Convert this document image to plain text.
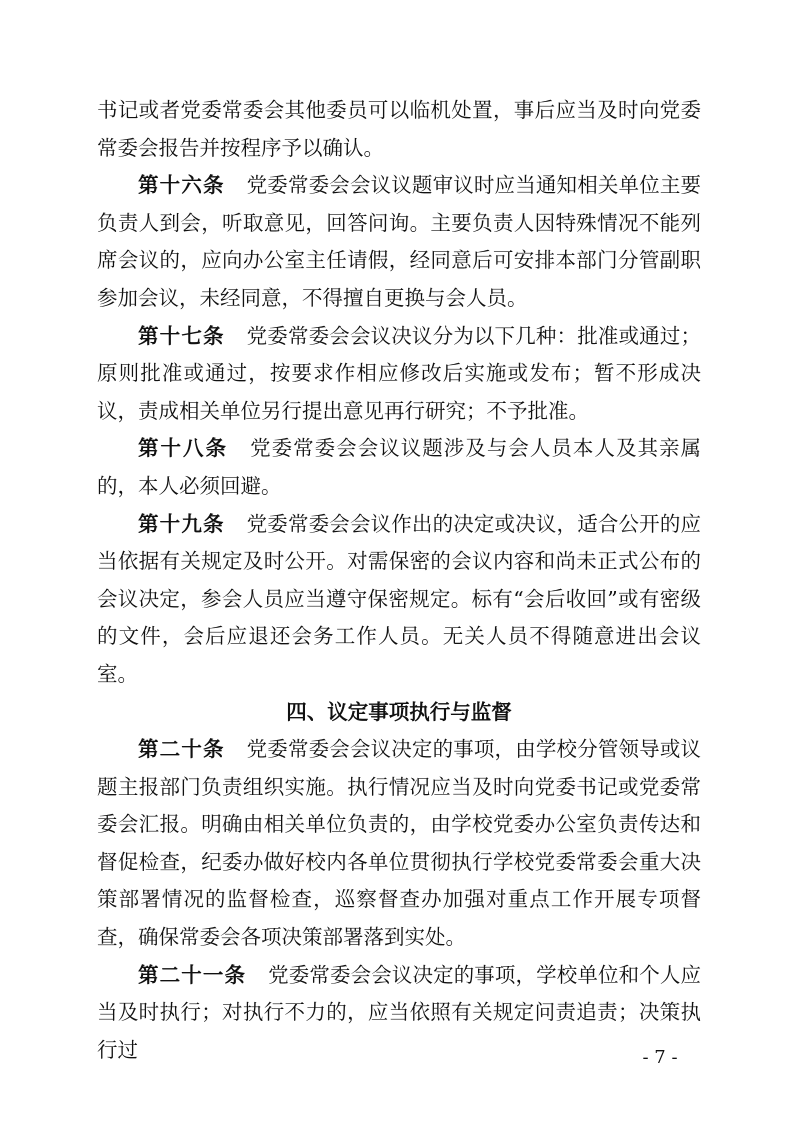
书记或者党委常委会其他委员可以临机处置，事后应当及时向党委常委会报告并按程序予以确认。

第十六条 党委常委会会议议题审议时应当通知相关单位主要负责人到会，听取意见，回答问询。主要负责人因特殊情况不能列席会议的，应向办公室主任请假，经同意后可安排本部门分管副职参加会议，未经同意，不得擅自更换与会人员。

第十七条 党委常委会会议决议分为以下几种：批准或通过；原则批准或通过，按要求作相应修改后实施或发布；暂不形成决议，责成相关单位另行提出意见再行研究；不予批准。

第十八条 党委常委会会议议题涉及与会人员本人及其亲属的，本人必须回避。

第十九条 党委常委会会议作出的决定或决议，适合公开的应当依据有关规定及时公开。对需保密的会议内容和尚未正式公布的会议决定，参会人员应当遵守保密规定。标有“会后收回”或有密级的文件，会后应退还会务工作人员。无关人员不得随意进出会议室。

四、议定事项执行与监督

第二十条 党委常委会会议决定的事项，由学校分管领导或议题主报部门负责组织实施。执行情况应当及时向党委书记或党委常委会汇报。明确由相关单位负责的，由学校党委办公室负责传达和督促检查，纪委办做好校内各单位贯彻执行学校党委常委会重大决策部署情况的监督检查，巡察督查办加强对重点工作开展专项督查，确保常委会各项决策部署落到实处。

第二十一条 党委常委会会议决定的事项，学校单位和个人应当及时执行；对执行不力的，应当依照有关规定问责追责；决策执行过	- 7 -
